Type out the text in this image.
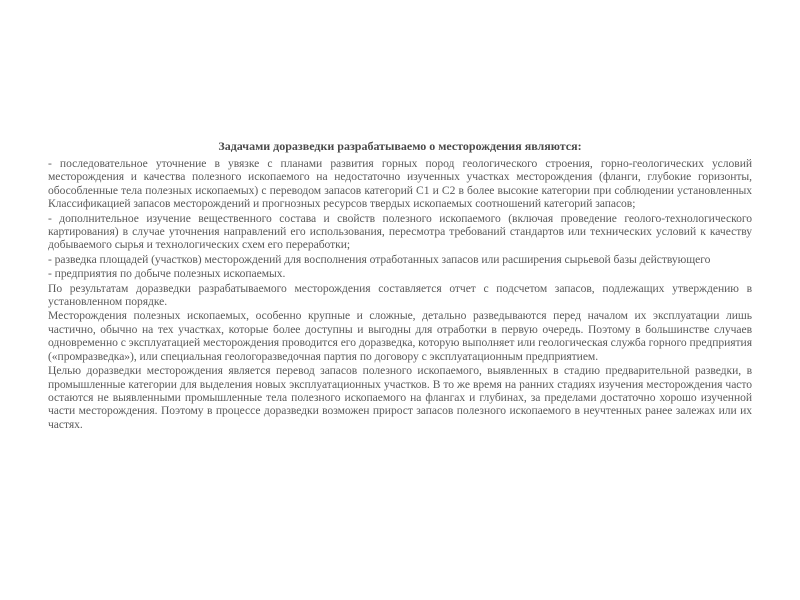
Задачами доразведки разрабатываемо о месторождения являются:
- последовательное уточнение в увязке с планами развития горных пород геологического строения, горно-геологических условий месторождения и качества полезного ископаемого на недостаточно изученных участках месторождения (фланги, глубокие горизонты, обособленные тела полезных ископаемых) с переводом запасов категорий С1 и С2 в более высокие категории при соблюдении установленных Классификацией запасов месторождений и прогнозных ресурсов твердых ископаемых соотношений категорий запасов;
- дополнительное изучение вещественного состава и свойств полезного ископаемого (включая проведение геолого-технологического картирования) в случае уточнения направлений его использования, пересмотра требований стандартов или технических условий к качеству добываемого сырья и технологических схем его переработки;
- разведка площадей (участков) месторождений для восполнения отработанных запасов или расширения сырьевой базы действующего
- предприятия по добыче полезных ископаемых.
По результатам доразведки разрабатываемого месторождения составляется отчет с подсчетом запасов, подлежащих утверждению в установленном порядке.
Месторождения полезных ископаемых, особенно крупные и сложные, детально разведываются перед началом их эксплуатации лишь частично, обычно на тех участках, которые более доступны и выгодны для отработки в первую очередь. Поэтому в большинстве случаев одновременно с эксплуатацией месторождения проводится его доразведка, которую выполняет или геологическая служба горного предприятия («промразведка»), или специальная геологоразведочная партия по договору с эксплуатационным предприятием.
Целью доразведки месторождения является перевод запасов полезного ископаемого, выявленных в стадию предварительной разведки, в промышленные категории для выделения новых эксплуатационных участков. В то же время на ранних стадиях изучения месторождения часто остаются не выявленными промышленные тела полезного ископаемого на флангах и глубинах, за пределами достаточно хорошо изученной части месторождения. Поэтому в процессе доразведки возможен прирост запасов полезного ископаемого в неучтенных ранее залежах или их частях.
